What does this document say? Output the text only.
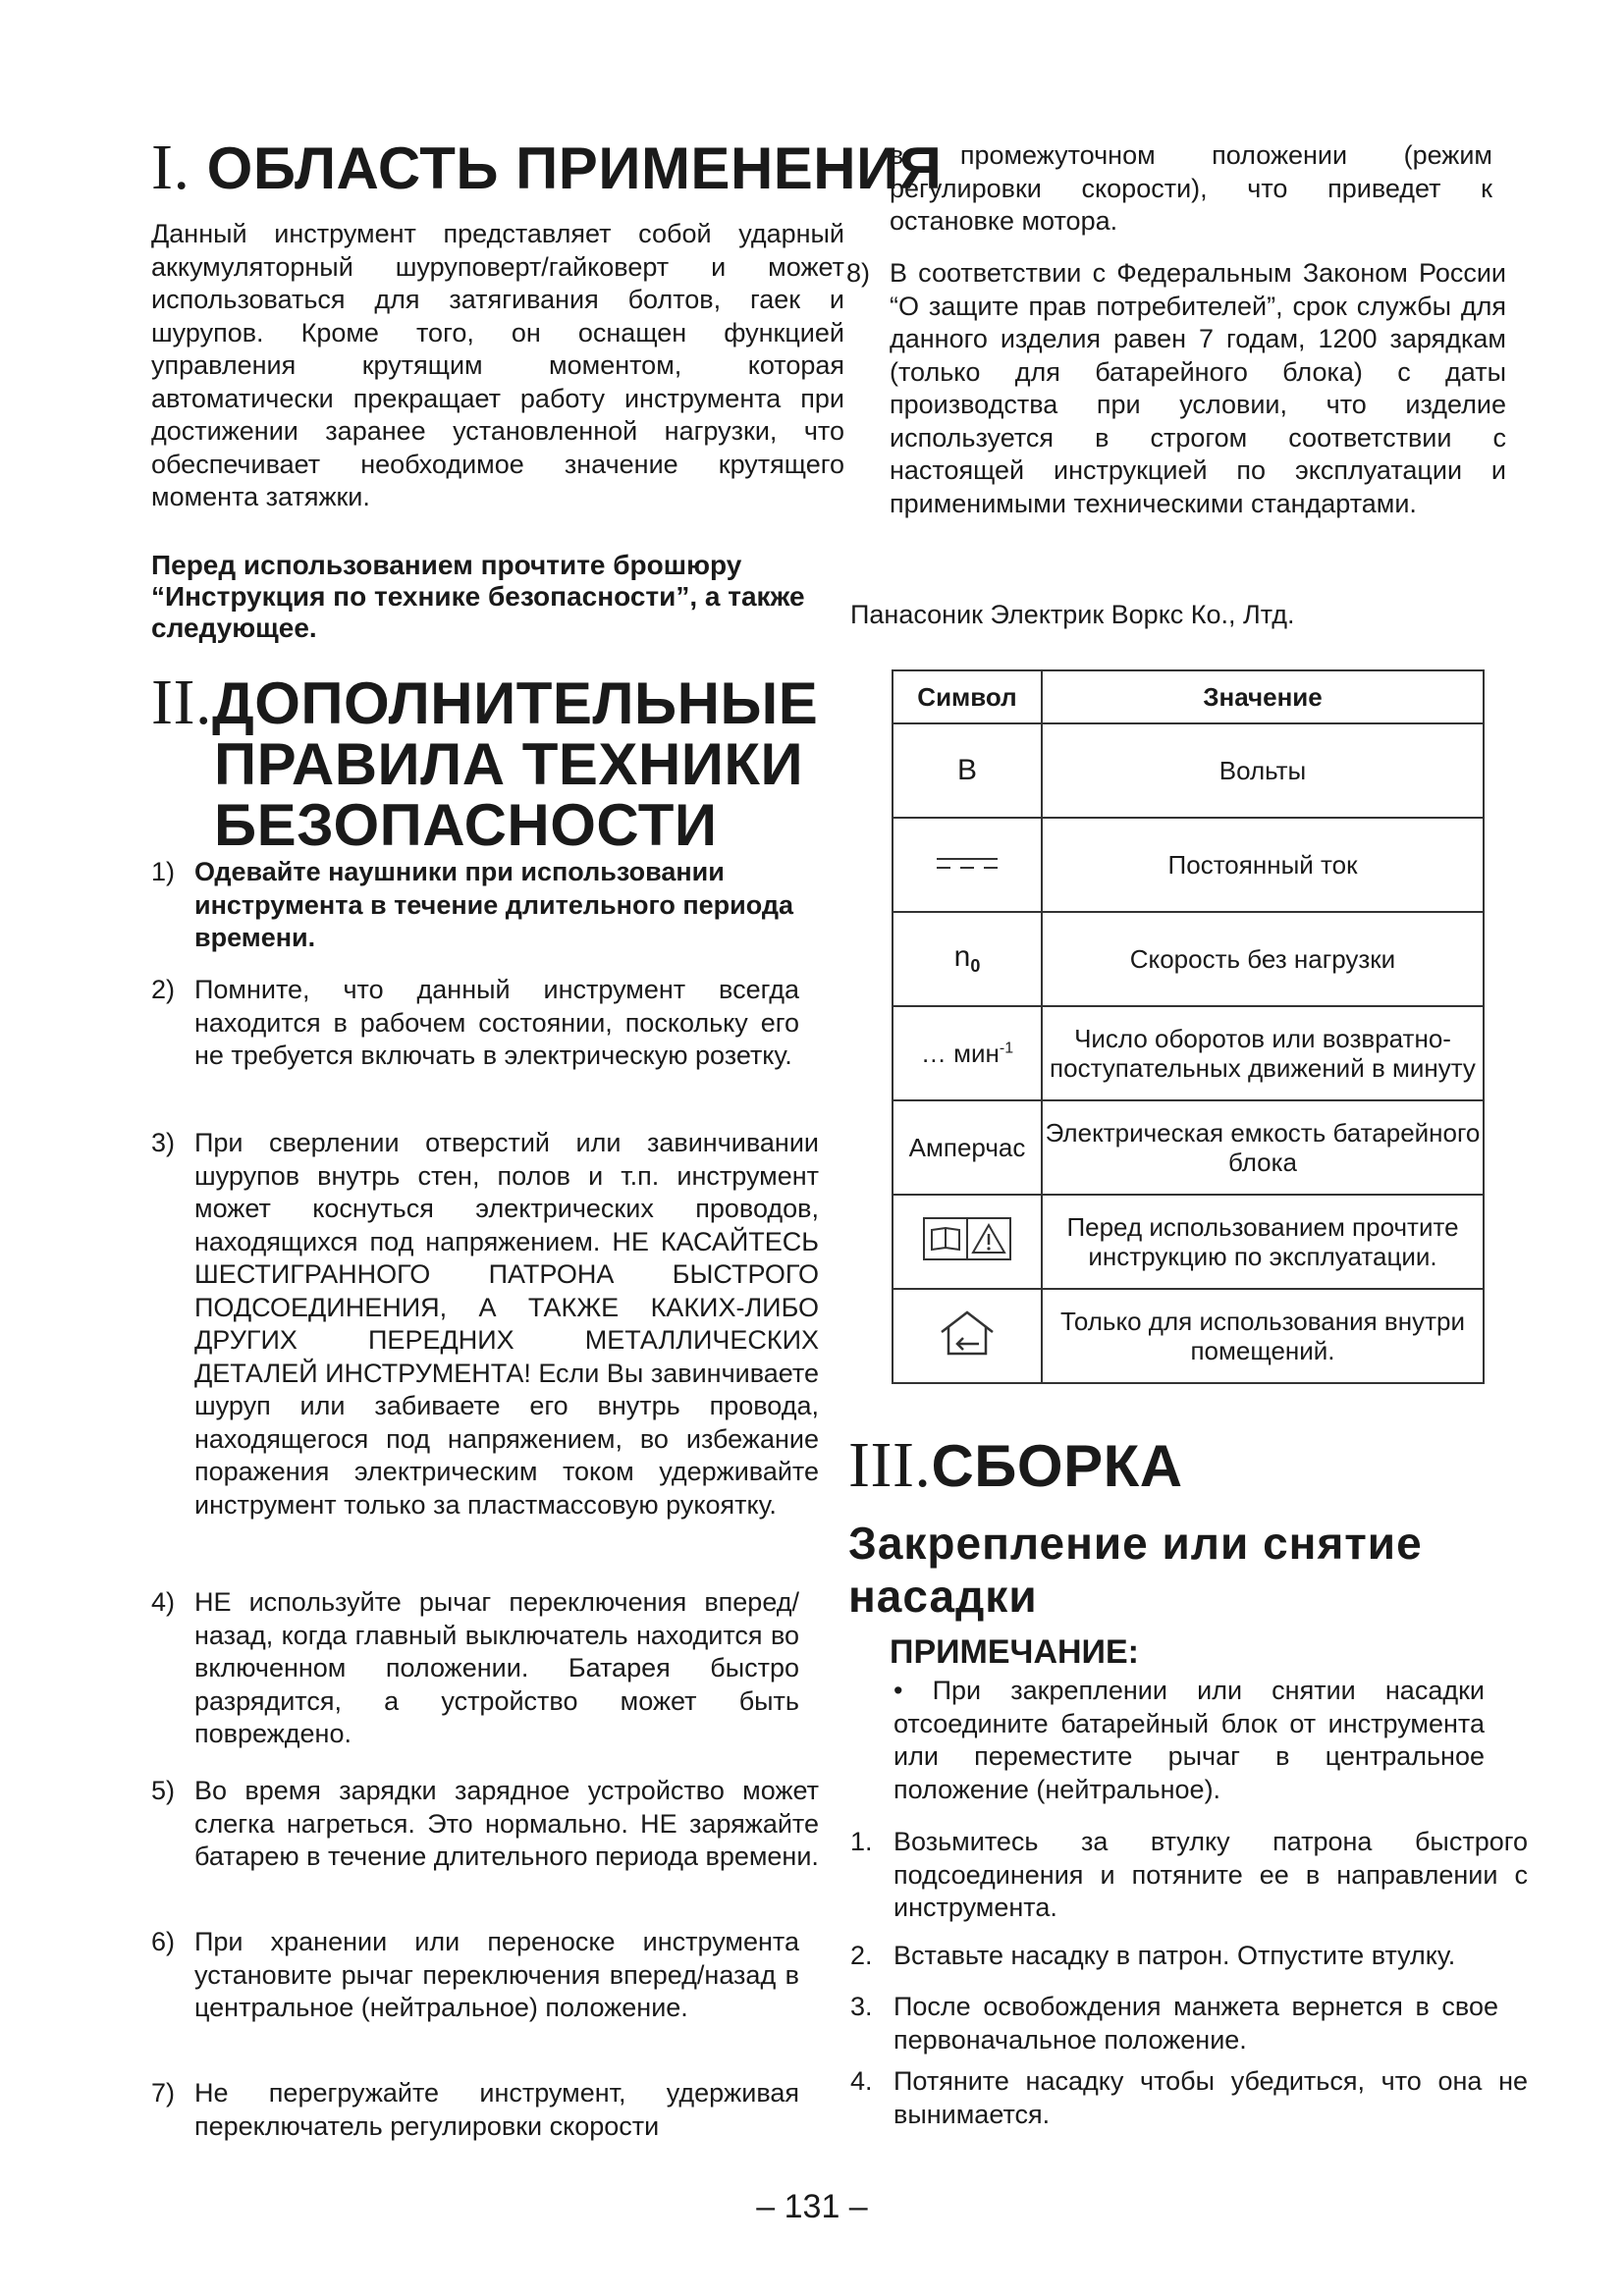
I. ОБЛАСТЬ ПРИМЕНЕНИЯ
Данный инструмент представляет собой ударный аккумуляторный шуруповерт/гайковерт и может использоваться для затягивания болтов, гаек и шурупов. Кроме того, он оснащен функцией управления крутящим моментом, которая автоматически прекращает работу инструмента при достижении заранее установленной нагрузки, что обеспечивает необходимое значение крутящего момента затяжки.
Перед использованием прочтите брошюру “Инструкция по технике безопасности”, а также следующее.
II.ДОПОЛНИТЕЛЬНЫЕ
ПРАВИЛА ТЕХНИКИ
БЕЗОПАСНОСТИ
1) Одевайте наушники при использовании инструмента в течение длительного периода времени.
2) Помните, что данный инструмент всегда находится в рабочем состоянии, поскольку его не требуется включать в электрическую розетку.
3) При сверлении отверстий или завинчивании шурупов внутрь стен, полов и т.п. инструмент может коснуться электрических проводов, находящихся под напряжением. НЕ КАСАЙТЕСЬ ШЕСТИГРАННОГО ПАТРОНА БЫСТРОГО ПОДСОЕДИНЕНИЯ, А ТАКЖЕ КАКИХ-ЛИБО ДРУГИХ ПЕРЕДНИХ МЕТАЛЛИЧЕСКИХ ДЕТАЛЕЙ ИНСТРУМЕНТА! Если Вы завинчиваете шуруп или забиваете его внутрь провода, находящегося под напряжением, во избежание поражения электрическим током удерживайте инструмент только за пластмассовую рукоятку.
4) НЕ используйте рычаг переключения вперед/назад, когда главный выключатель находится во включенном положении. Батарея быстро разрядится, а устройство может быть повреждено.
5) Во время зарядки зарядное устройство может слегка нагреться. Это нормально. НЕ заряжайте батарею в течение длительного периода времени.
6) При хранении или переноске инструмента установите рычаг переключения вперед/назад в центральное (нейтральное) положение.
7) Не перегружайте инструмент, удерживая переключатель регулировки скорости
в промежуточном положении (режим регулировки скорости), что приведет к остановке мотора.
8) В соответствии с Федеральным Законом России “О защите прав потребителей”, срок службы для данного изделия равен 7 годам, 1200 зарядкам (только для батарейного блока) с даты производства при условии, что изделие используется в строгом соответствии с настоящей инструкцией по эксплуатации и применимыми техническими стандартами.
Панасоник Электрик Воркс Ко., Лтд.
Символ	Значение
В	Вольты
	Постоянный ток
$n_0$	Скорость без нагрузки
… мин$^{-1}$	Число оборотов или возвратно-поступательных движений в минуту
Амперчас	Электрическая емкость батарейного блока
	Перед использованием прочтите инструкцию по эксплуатации.
	Только для использования внутри помещений.
III.СБОРКА
Закрепление или снятие
насадки
ПРИМЕЧАНИЕ:
• При закреплении или снятии насадки отсоедините батарейный блок от инструмента или переместите рычаг в центральное положение (нейтральное).
1. Возьмитесь за втулку патрона быстрого подсоединения и потяните ее в направлении с инструмента.
2. Вставьте насадку в патрон. Отпустите втулку.
3. После освобождения манжета вернется в свое первоначальное положение.
4. Потяните насадку чтобы убедиться, что она не вынимается.
– 131 –
